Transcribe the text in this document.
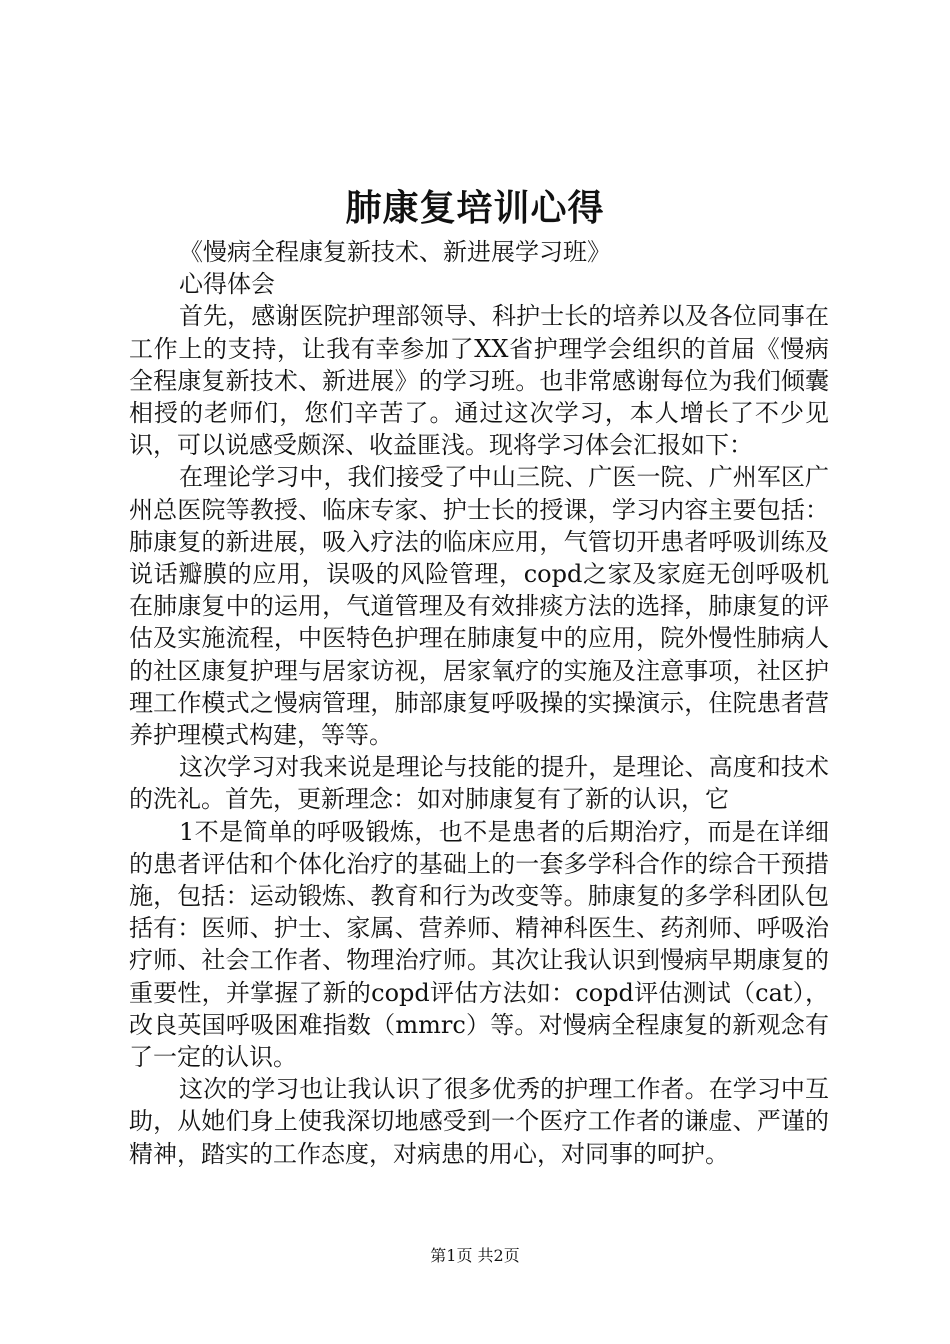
肺康复培训心得

《慢病全程康复新技术、新进展学习班》

心得体会

首先，感谢医院护理部领导、科护士长的培养以及各位同事在工作上的支持，让我有幸参加了XX省护理学会组织的首届《慢病全程康复新技术、新进展》的学习班。也非常感谢每位为我们倾囊相授的老师们，您们辛苦了。通过这次学习，本人增长了不少见识，可以说感受颇深、收益匪浅。现将学习体会汇报如下：

在理论学习中，我们接受了中山三院、广医一院、广州军区广州总医院等教授、临床专家、护士长的授课，学习内容主要包括：肺康复的新进展，吸入疗法的临床应用，气管切开患者呼吸训练及说话瓣膜的应用，误吸的风险管理，copd之家及家庭无创呼吸机在肺康复中的运用，气道管理及有效排痰方法的选择，肺康复的评估及实施流程，中医特色护理在肺康复中的应用，院外慢性肺病人的社区康复护理与居家访视，居家氧疗的实施及注意事项，社区护理工作模式之慢病管理，肺部康复呼吸操的实操演示，住院患者营养护理模式构建，等等。

这次学习对我来说是理论与技能的提升，是理论、高度和技术的洗礼。首先，更新理念：如对肺康复有了新的认识，它

1不是简单的呼吸锻炼，也不是患者的后期治疗，而是在详细的患者评估和个体化治疗的基础上的一套多学科合作的综合干预措施，包括：运动锻炼、教育和行为改变等。肺康复的多学科团队包括有：医师、护士、家属、营养师、精神科医生、药剂师、呼吸治疗师、社会工作者、物理治疗师。其次让我认识到慢病早期康复的重要性，并掌握了新的copd评估方法如：copd评估测试（cat），改良英国呼吸困难指数（mmrc）等。对慢病全程康复的新观念有了一定的认识。

这次的学习也让我认识了很多优秀的护理工作者。在学习中互助，从她们身上使我深切地感受到一个医疗工作者的谦虚、严谨的精神，踏实的工作态度，对病患的用心，对同事的呵护。

第1页 共2页
